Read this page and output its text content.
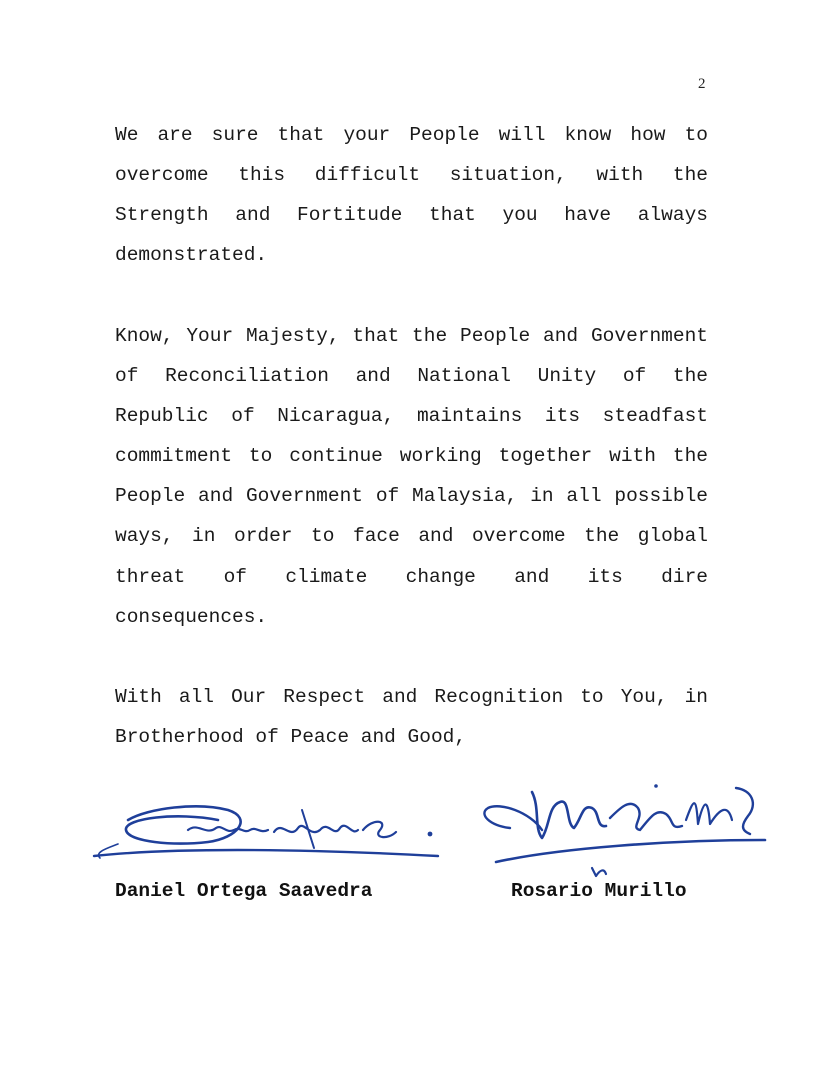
2

We are sure that your People will know how to overcome this difficult situation, with the Strength and Fortitude that you have always demonstrated.

Know, Your Majesty, that the People and Government of Reconciliation and National Unity of the Republic of Nicaragua, maintains its steadfast commitment to continue working together with the People and Government of Malaysia, in all possible ways, in order to face and overcome the global threat of climate change and its dire consequences.

With all Our Respect and Recognition to You, in Brotherhood of Peace and Good,

Daniel Ortega Saavedra	Rosario Murillo
